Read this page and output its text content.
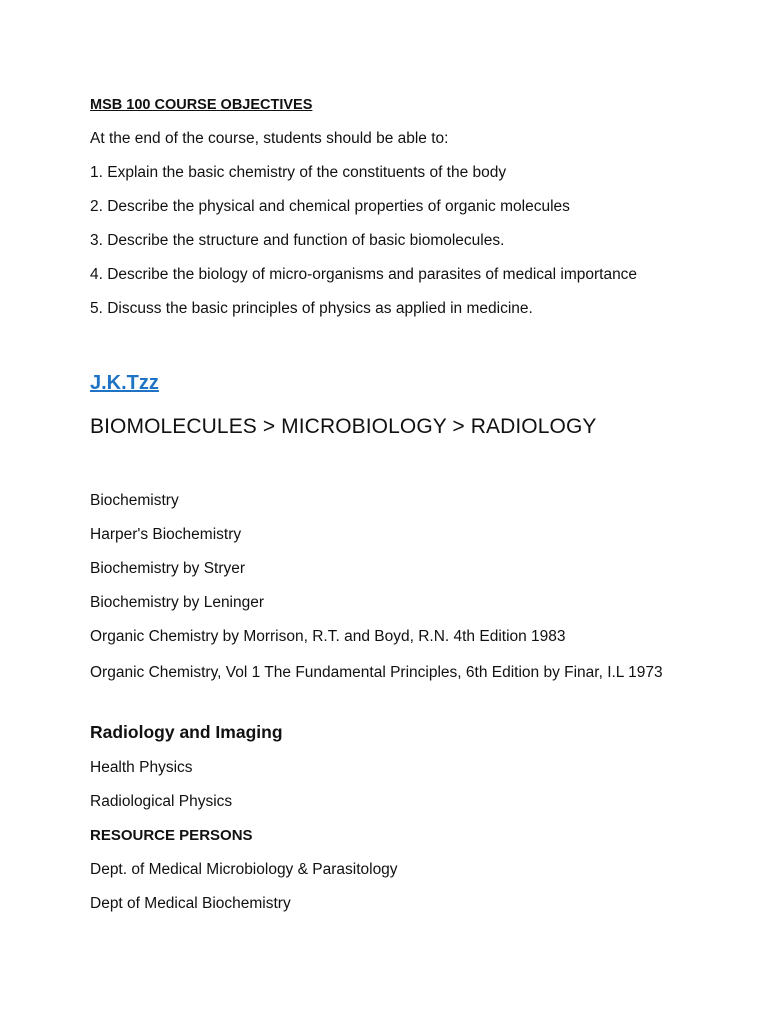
MSB 100 COURSE OBJECTIVES

At the end of the course, students should be able to:

1. Explain the basic chemistry of the constituents of the body

2. Describe the physical and chemical properties of organic molecules

3. Describe the structure and function of basic biomolecules.

4. Describe the biology of micro-organisms and parasites of medical importance

5. Discuss the basic principles of physics as applied in medicine.

J.K.Tzz

BIOMOLECULES > MICROBIOLOGY > RADIOLOGY

Biochemistry

Harper's Biochemistry

Biochemistry by Stryer

Biochemistry by Leninger

Organic Chemistry by Morrison, R.T. and Boyd, R.N. 4th Edition 1983

Organic Chemistry, Vol 1 The Fundamental Principles, 6th Edition by Finar, I.L 1973

Radiology and Imaging

Health Physics

Radiological Physics

RESOURCE PERSONS

Dept. of Medical Microbiology & Parasitology

Dept of Medical Biochemistry
